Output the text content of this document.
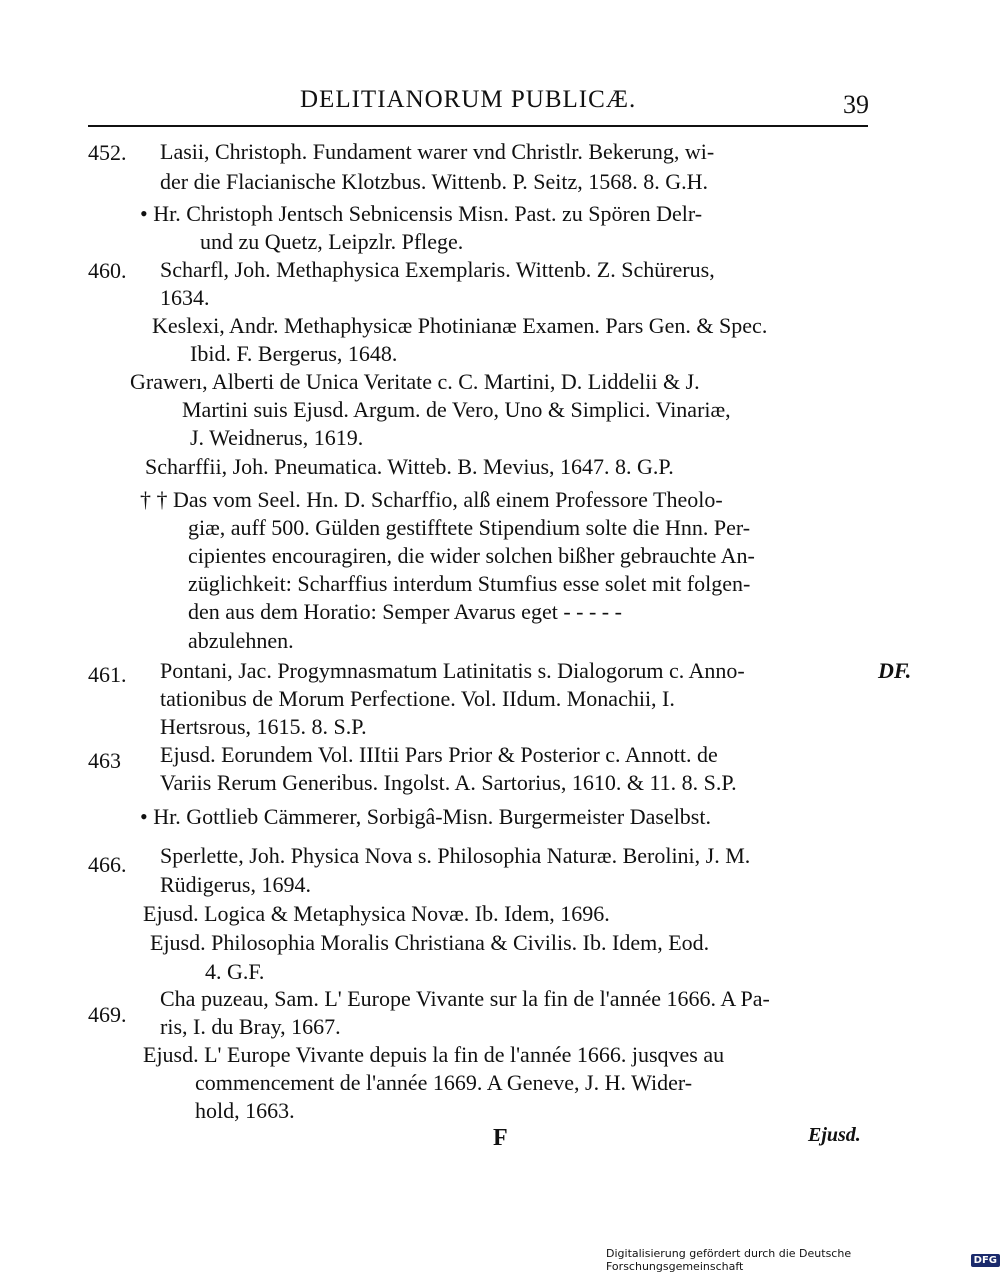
DELITIANORUM PUBLICÆ.	39
452. Lasii, Christoph. Fundament warer vnd Christlr. Bekerung, wi-
der die Flacianische Klotzbus. Wittenb. P. Seitz, 1568. 8. G.H.
• Hr. Christoph Jentsch Sebnicensis Misn. Past. zu Spören Delr-
und zu Quetz, Leipzlr. Pflege.
460. Scharfl, Joh. Methaphysica Exemplaris. Wittenb. Z. Schürerus,
1634.
Keslexi, Andr. Methaphysicæ Photinianæ Examen. Pars Gen. & Spec.
Ibid. F. Bergerus, 1648.
Grawerı, Alberti de Unica Veritate c. C. Martini, D. Liddelii & J.
Martini suis Ejusd. Argum. de Vero, Uno & Simplici. Vinariæ,
J. Weidnerus, 1619.
Scharffii, Joh. Pneumatica. Witteb. B. Mevius, 1647. 8. G.P.
† † Das vom Seel. Hn. D. Scharffio, alß einem Professore Theolo-
giæ, auff 500. Gülden gestifftete Stipendium solte die Hnn. Per-
cipientes encouragiren, die wider solchen bißher gebrauchte An-
züglichkeit: Scharffius interdum Stumfius esse solet mit folgen-
den aus dem Horatio: Semper Avarus eget - - - - -
abzulehnen.
461. Pontani, Jac. Progymnasmatum Latinitatis s. Dialogorum c. Anno-
tationibus de Morum Perfectione. Vol. IIdum. Monachii, I.
Hertsrous, 1615. 8. S.P.
DF.
463 Ejusd. Eorundem Vol. IIItii Pars Prior & Posterior c. Annott. de
Variis Rerum Generibus. Ingolst. A. Sartorius, 1610. & 11. 8. S.P.
• Hr. Gottlieb Cämmerer, Sorbigâ-Misn. Burgermeister Daselbst.
466. Sperlette, Joh. Physica Nova s. Philosophia Naturæ. Berolini, J. M.
Rüdigerus, 1694.
Ejusd. Logica & Metaphysica Novæ. Ib. Idem, 1696.
Ejusd. Philosophia Moralis Christiana & Civilis. Ib. Idem, Eod.
4. G.F.
469.
Cha puzeau, Sam. L' Europe Vivante sur la fin de l'année 1666. A Pa-
ris, I. du Bray, 1667.
Ejusd. L' Europe Vivante depuis la fin de l'année 1666. jusqves au
commencement de l'année 1669. A Geneve, J. H. Wider-
hold, 1663.
F	Ejusd.
Digitalisierung gefördert durch die Deutsche Forschungsgemeinschaft	DFG
